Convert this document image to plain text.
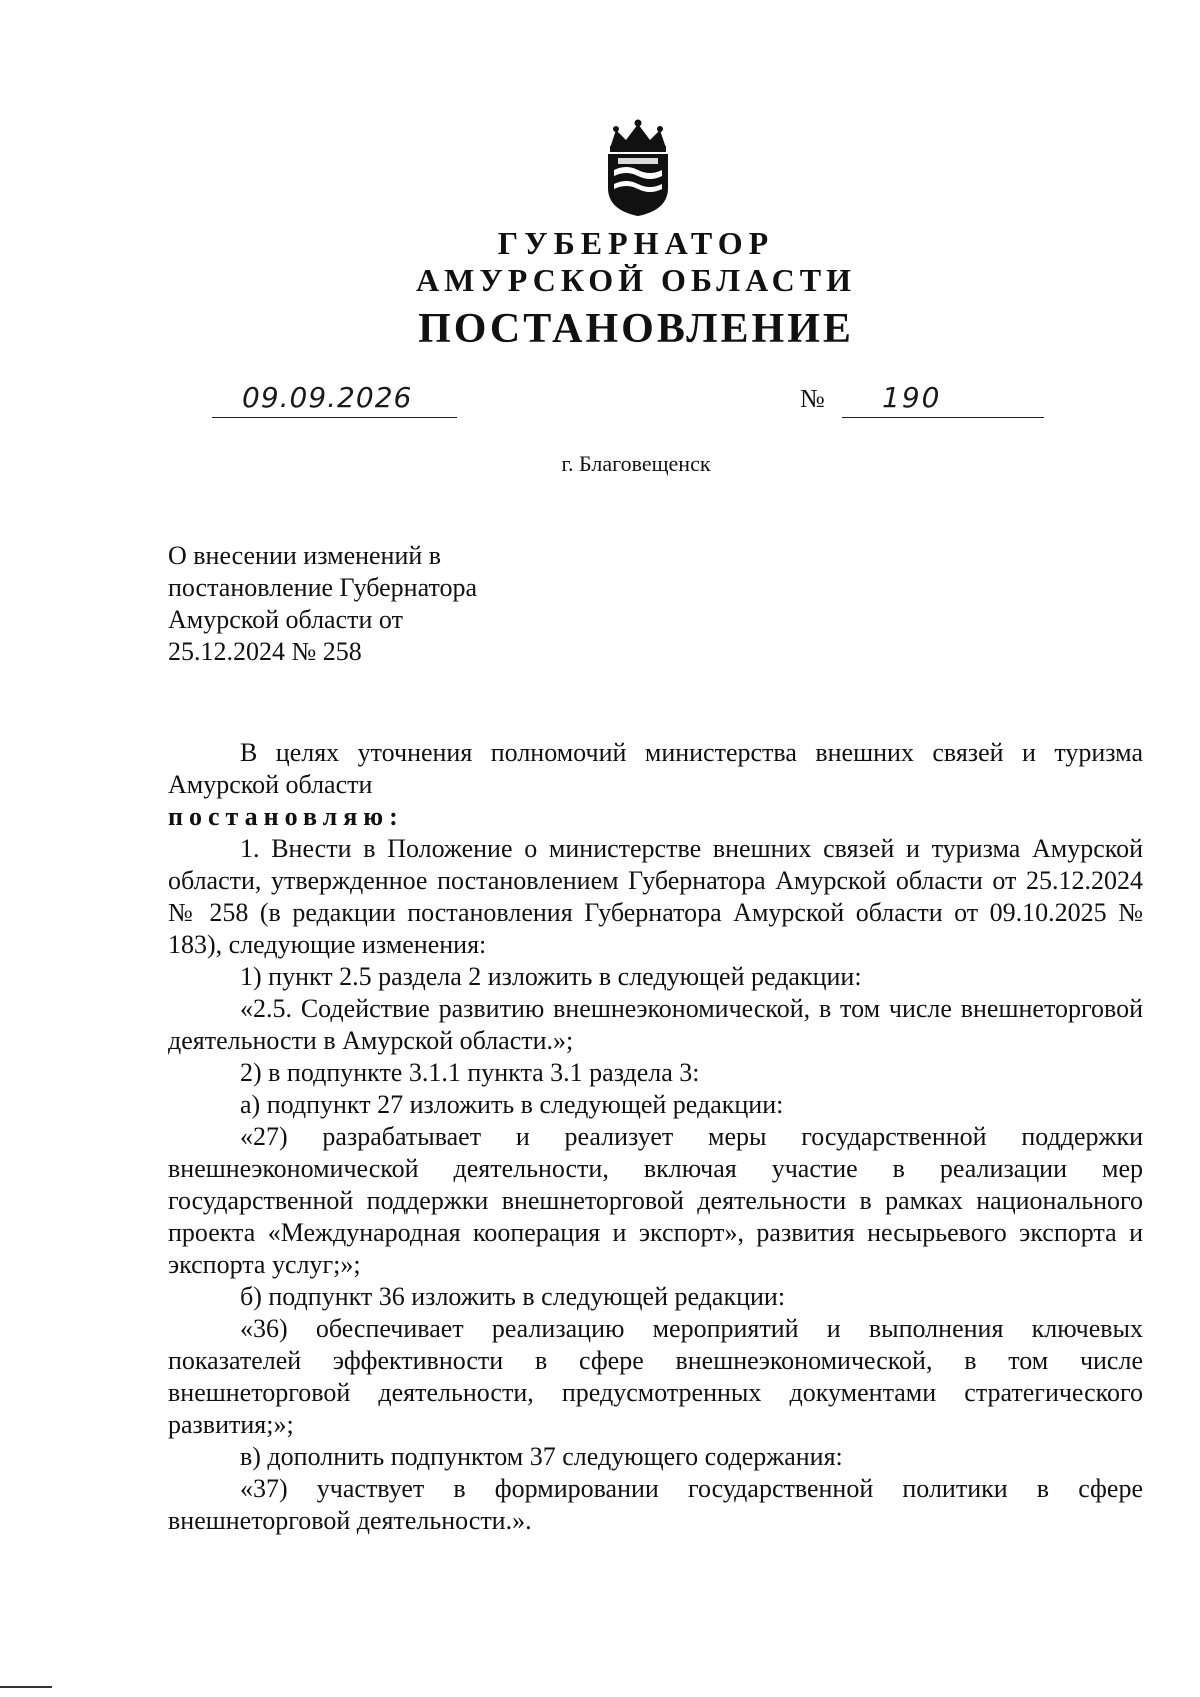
ГУБЕРНАТОР
АМУРСКОЙ ОБЛАСТИ
ПОСТАНОВЛЕНИЕ
09.09.2026	№ 190
г. Благовещенск
О внесении изменений в
постановление Губернатора
Амурской области от
25.12.2024 № 258

В целях уточнения полномочий министерства внешних связей и туризма Амурской области

постановляю:

1. Внести в Положение о министерстве внешних связей и туризма Амурской области, утвержденное постановлением Губернатора Амурской области от 25.12.2024 № 258 (в редакции постановления Губернатора Амурской области от 09.10.2025 № 183), следующие изменения:

1) пункт 2.5 раздела 2 изложить в следующей редакции:

«2.5. Содействие развитию внешнеэкономической, в том числе внешнеторговой деятельности в Амурской области.»;

2) в подпункте 3.1.1 пункта 3.1 раздела 3:

а) подпункт 27 изложить в следующей редакции:

«27) разрабатывает и реализует меры государственной поддержки внешнеэкономической деятельности, включая участие в реализации мер государственной поддержки внешнеторговой деятельности в рамках национального проекта «Международная кооперация и экспорт», развития несырьевого экспорта и экспорта услуг;»;

б) подпункт 36 изложить в следующей редакции:

«36) обеспечивает реализацию мероприятий и выполнения ключевых показателей эффективности в сфере внешнеэкономической, в том числе внешнеторговой деятельности, предусмотренных документами стратегического развития;»;

в) дополнить подпунктом 37 следующего содержания:

«37) участвует в формировании государственной политики в сфере внешнеторговой деятельности.».
